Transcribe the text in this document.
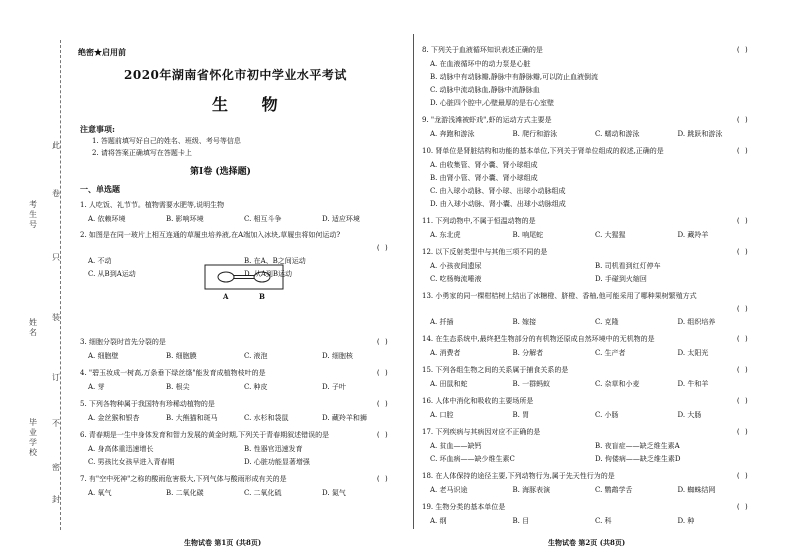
此
卷
只
装
订
不
密
封
考生号
姓名
毕业学校
绝密★启用前
2020年湖南省怀化市初中学业水平考试
生 物
注意事项:
1. 答题前填写好自己的姓名、班级、考号等信息
2. 请将答案正确填写在答题卡上
第I卷 (选择题)
一、单选题
A	B
1. 人吃饭、礼节节。植物需要水肥等,说明生物
A. 依赖环境	B. 影响环境	C. 相互斗争	D. 适应环境
2. 如图是在同一玻片上相互连通的草履虫培养液,在A端加入冰块,草履虫将如何运动?
( )
A. 不动	B. 在A、B之间运动
C. 从B到A运动	D. 从A到B运动
3. 细胞分裂时首先分裂的是	( )
A. 细胞壁	B. 细胞膜	C. 液泡	D. 细胞核
4. "碧玉妆成一树高,万条垂下绿丝绦"能发育成植物枝叶的是	( )
A. 芽	B. 根尖	C. 种皮	D. 子叶
5. 下列各物种属于我国特有珍稀动植物的是	( )
A. 金丝猴和银杏	B. 大熊猫和斑马	C. 水杉和袋鼠	D. 藏羚羊和狮
6. 青春期是一生中身体发育和智力发展的黄金时期,下列关于青春期叙述错误的是	( )
A. 身高体重迅速增长	B. 性器官迅速发育
C. 男孩比女孩早进入青春期	D. 心脏功能显著增强
7. 有"空中死神"之称的酸雨危害极大,下列气体与酸雨形成有关的是	( )
A. 氧气	B. 二氧化碳	C. 二氧化硫	D. 氮气
8. 下列关于血液循环知识表述正确的是	( )
A. 在血液循环中的动力泵是心脏
B. 动脉中有动脉瓣,静脉中有静脉瓣,可以防止血液倒流
C. 动脉中流动脉血,静脉中流静脉血
D. 心脏四个腔中,心壁最厚的是右心室壁
9. "龙游浅滩被虾戏",虾的运动方式主要是	( )
A. 奔跑和游泳	B. 爬行和游泳	C. 蠕动和游泳	D. 跳跃和游泳
10. 肾单位是肾脏结构和功能的基本单位,下列关于肾单位组成的叙述,正确的是	( )
A. 由收集管、肾小囊、肾小球组成
B. 由肾小管、肾小囊、肾小球组成
C. 由入球小动脉、肾小球、出球小动脉组成
D. 由入球小动脉、肾小囊、出球小动脉组成
11. 下列动物中,不属于恒温动物的是	( )
A. 东北虎	B. 响尾蛇	C. 大猩猩	D. 藏羚羊
12. 以下反射类型中与其他三项不同的是	( )
A. 小孩夜间遗尿	B. 司机看到红灯停车
C. 吃杨梅流唾液	D. 手碰到火缩回
13. 小勇家的同一棵柑桔树上结出了冰糖橙、脐橙、香柚,他可能采用了哪种果树繁殖方式
( )
A. 扦插	B. 嫁接	C. 克隆	D. 组织培养
14. 在生态系统中,最终把生物部分的有机物还原成自然环境中的无机物的是	( )
A. 消费者	B. 分解者	C. 生产者	D. 太阳光
15. 下列各组生物之间的关系属于捕食关系的是	( )
A. 田鼠和蛇	B. 一群蚂蚁	C. 杂草和小麦	D. 牛和羊
16. 人体中消化和吸收的主要场所是	( )
A. 口腔	B. 胃	C. 小肠	D. 大肠
17. 下列疾病与其病因对应不正确的是	( )
A. 贫血——缺钙	B. 夜盲症——缺乏维生素A
C. 坏血病——缺少维生素C	D. 佝偻病——缺乏维生素D
18. 在人体保持的途径主要,下列动物行为,属于先天性行为的是	( )
A. 老马识途	B. 海豚表演	C. 鹦鹉学舌	D. 蜘蛛结网
19. 生物分类的基本单位是	( )
A. 纲	B. 目	C. 科	D. 种
生物试卷 第1页 (共8页)	生物试卷 第2页 (共8页)
